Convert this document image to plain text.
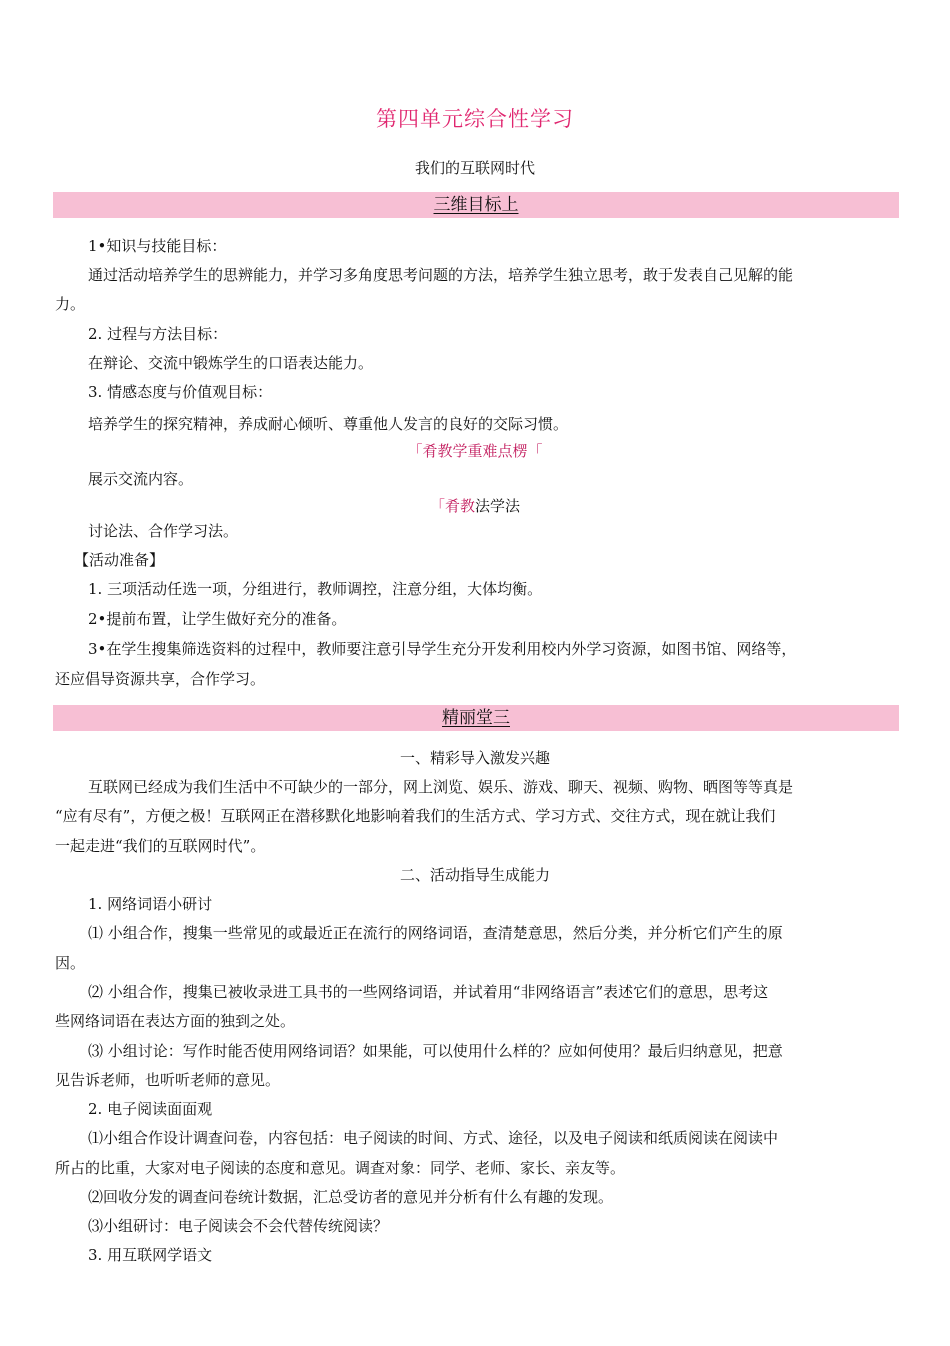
第四单元综合性学习
我们的互联网时代
三维目标上
1•知识与技能目标：
通过活动培养学生的思辨能力，并学习多角度思考问题的方法，培养学生独立思考，敢于发表自己见解的能
力。
2. 过程与方法目标：
在辩论、交流中锻炼学生的口语表达能力。
3. 情感态度与价值观目标：
培养学生的探究精神，养成耐心倾听、尊重他人发言的良好的交际习惯。
「肴教学重难点楞「
展示交流内容。
「肴教法学法
讨论法、合作学习法。
【活动准备】
1. 三项活动任选一项，分组进行，教师调控，注意分组，大体均衡。
2•提前布置，让学生做好充分的准备。
3•在学生搜集筛选资料的过程中，教师要注意引导学生充分开发利用校内外学习资源，如图书馆、网络等，
还应倡导资源共享，合作学习。
精丽堂三
一、精彩导入激发兴趣
互联网已经成为我们生活中不可缺少的一部分，网上浏览、娱乐、游戏、聊天、视频、购物、晒图等等真是
“应有尽有”，方便之极！互联网正在潜移默化地影响着我们的生活方式、学习方式、交往方式，现在就让我们
一起走进“我们的互联网时代”。
二、活动指导生成能力
1. 网络词语小研讨
⑴ 小组合作，搜集一些常见的或最近正在流行的网络词语，查清楚意思，然后分类，并分析它们产生的原
因。
⑵ 小组合作，搜集已被收录进工具书的一些网络词语，并试着用“非网络语言”表述它们的意思，思考这
些网络词语在表达方面的独到之处。
⑶ 小组讨论：写作时能否使用网络词语？如果能，可以使用什么样的？应如何使用？最后归纳意见，把意
见告诉老师，也听听老师的意见。
2. 电子阅读面面观
⑴小组合作设计调查问卷，内容包括：电子阅读的时间、方式、途径，以及电子阅读和纸质阅读在阅读中
所占的比重，大家对电子阅读的态度和意见。调查对象：同学、老师、家长、亲友等。
⑵回收分发的调查问卷统计数据，汇总受访者的意见并分析有什么有趣的发现。
⑶小组研讨：电子阅读会不会代替传统阅读？
3. 用互联网学语文
